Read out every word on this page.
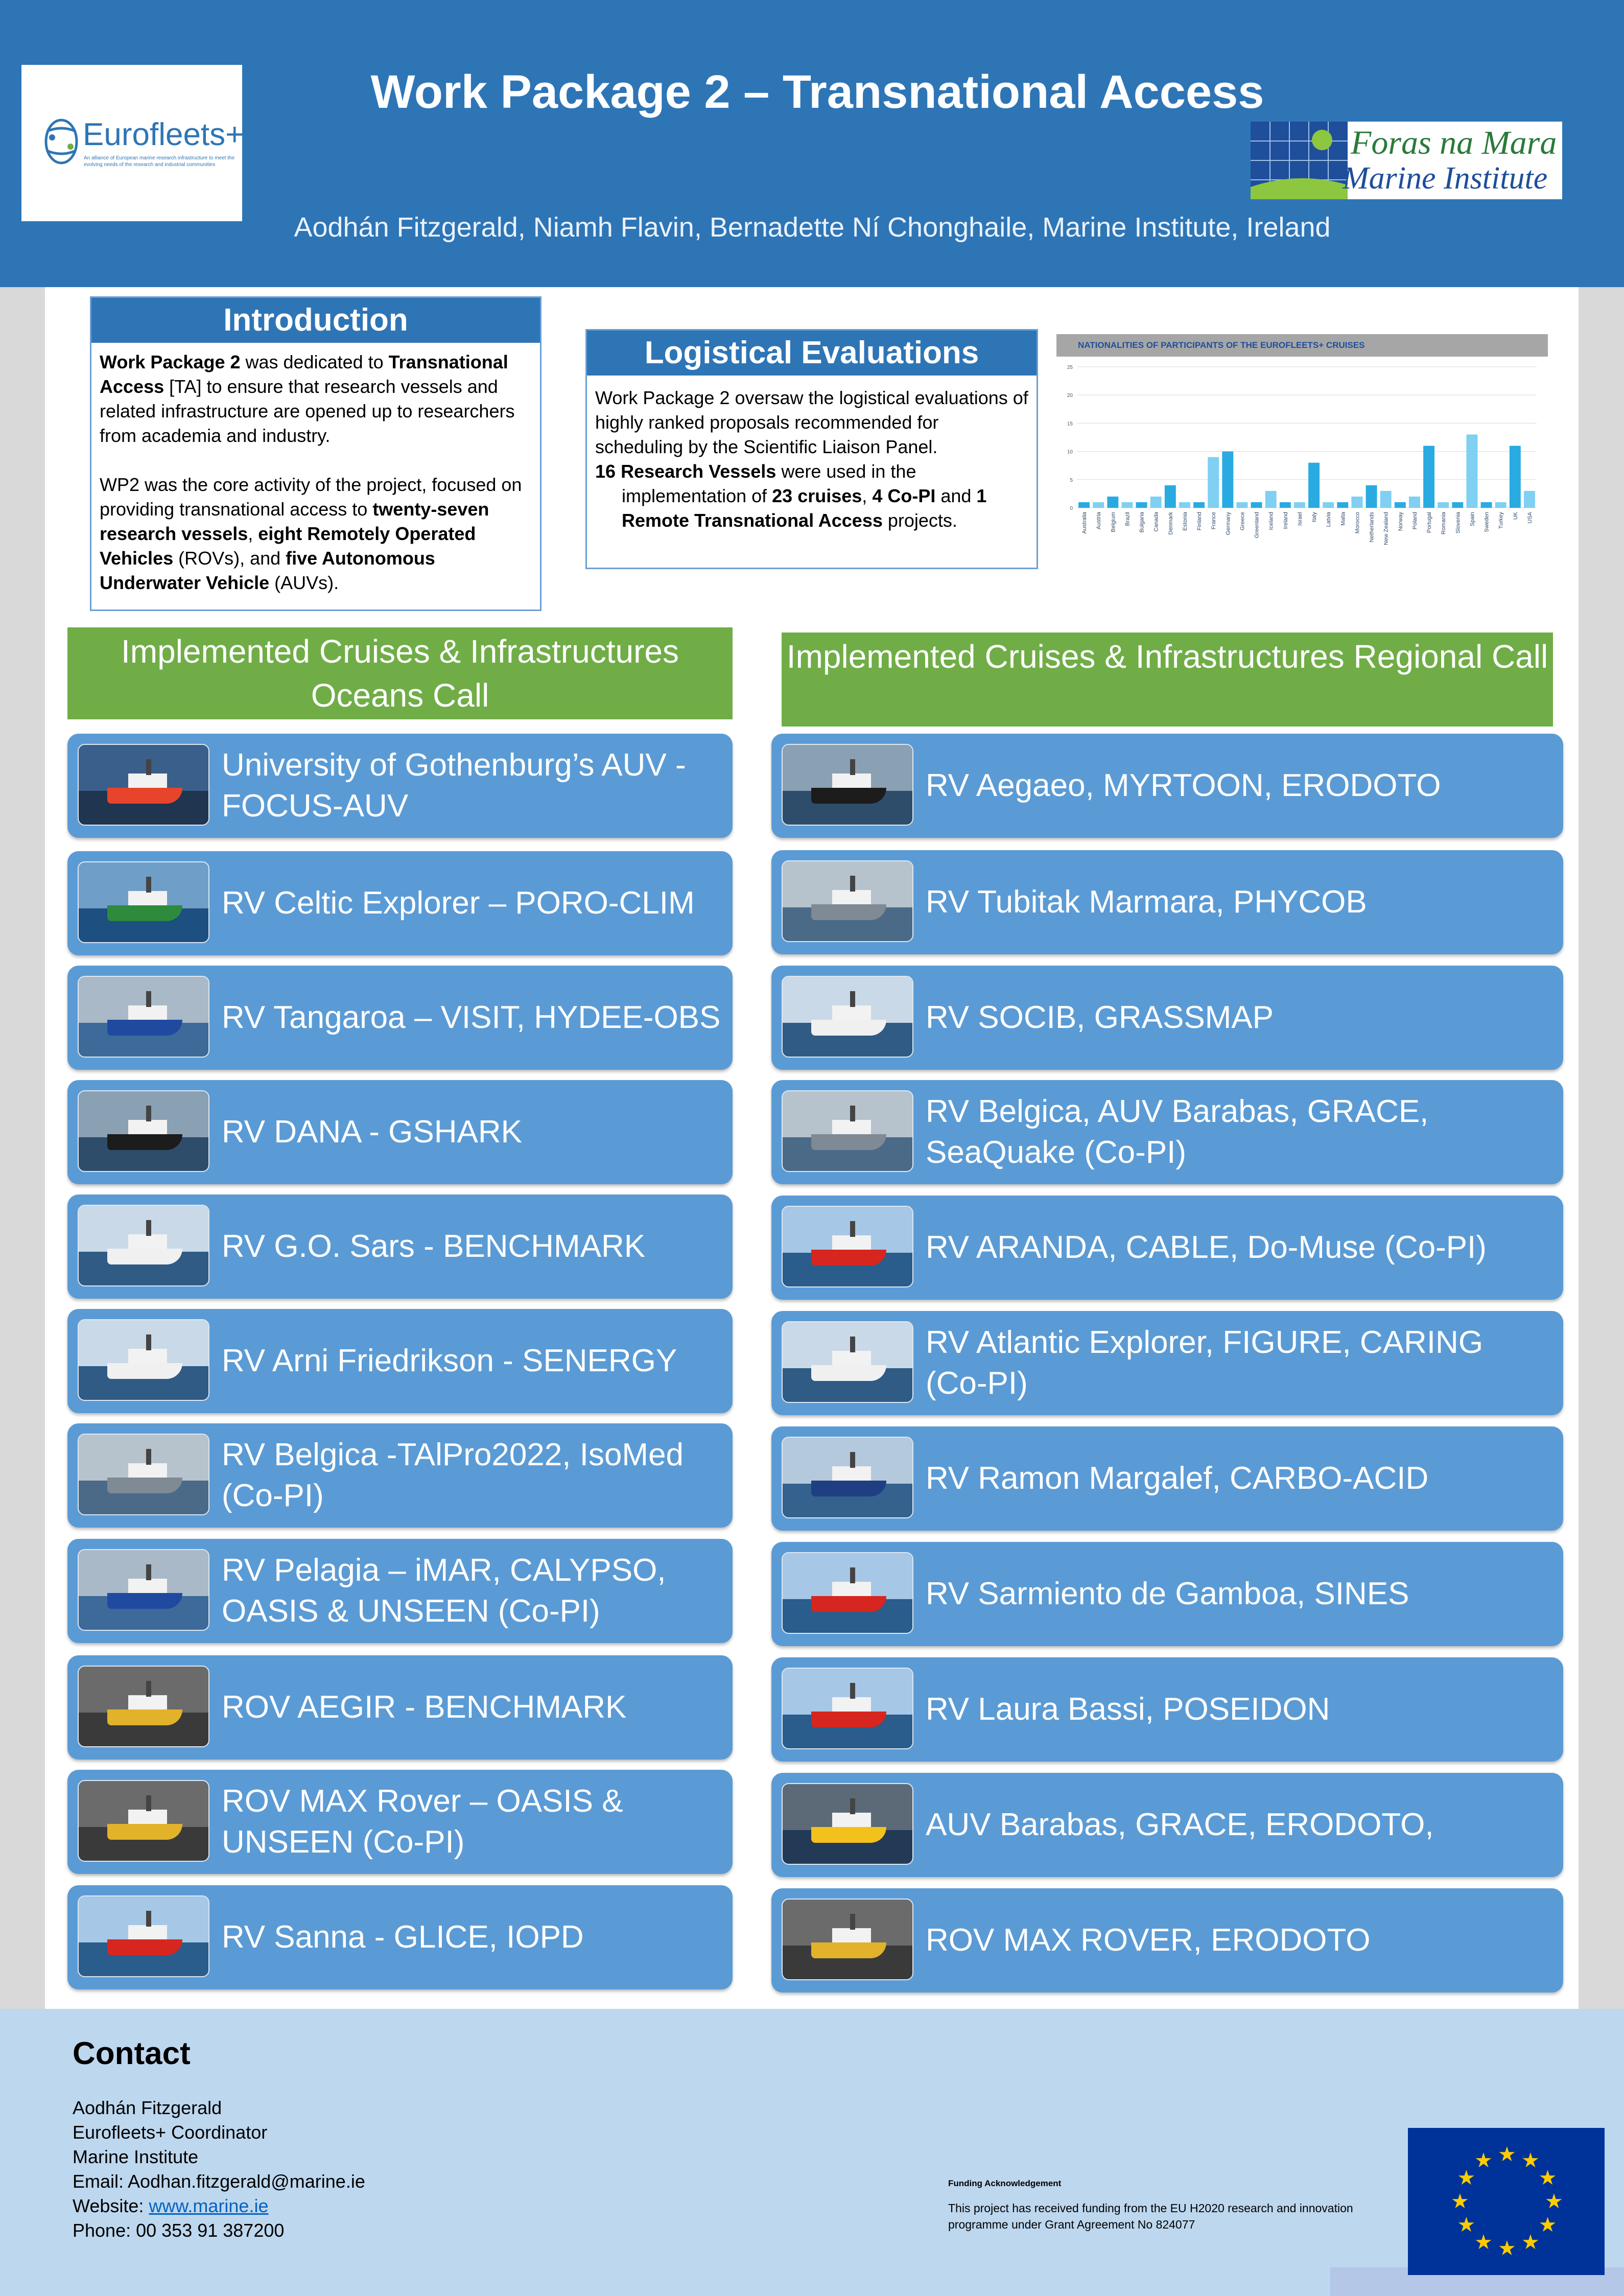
Eurofleets+
An alliance of European marine research infrastructure to meet the evolving needs of the research and industrial communities
Work Package 2 – Transnational Access
Aodhán Fitzgerald, Niamh Flavin, Bernadette Ní Chonghaile, Marine Institute, Ireland
Foras na Mara
Marine Institute
Introduction

Work Package 2 was dedicated to Transnational Access [TA] to ensure that research vessels and related infrastructure are opened up to researchers from academia and industry.

WP2 was the core activity of the project, focused on providing transnational access to twenty-seven research vessels, eight Remotely Operated Vehicles (ROVs), and five Autonomous Underwater Vehicle (AUVs).

Logistical Evaluations

Work Package 2 oversaw the logistical evaluations of highly ranked proposals recommended for scheduling by the Scientific Liaison Panel.

16 Research Vessels were used in the implementation of 23 cruises, 4 Co-PI and 1 Remote Transnational Access projects.

NATIONALITIES OF PARTICIPANTS OF THE EUROFLEETS+ CRUISES
0
5
10
15
20
25
Australia Austria Belgium Brazil Bulgaria Canada Denmark Estonia Finland France Germany Greece Greenland Iceland Ireland Israel Italy Latvia Malta Morocco Netherlands New Zealand Norway Poland Portugal Romania Slovenia Spain Sweden Turkey UK USA
Implemented Cruises & Infrastructures Oceans Call
University of Gothenburg’s AUV - FOCUS-AUV
RV Celtic Explorer – PORO-CLIM
RV Tangaroa – VISIT, HYDEE-OBS
RV DANA - GSHARK
RV G.O. Sars - BENCHMARK
RV Arni Friedrikson - SENERGY
RV Belgica -TAlPro2022, IsoMed (Co-PI)
RV Pelagia – iMAR, CALYPSO, OASIS & UNSEEN (Co-PI)
ROV AEGIR - BENCHMARK
ROV MAX Rover – OASIS & UNSEEN (Co-PI)
RV Sanna - GLICE, IOPD
Implemented Cruises & Infrastructures Regional Call
RV Aegaeo, MYRTOON, ERODOTO
RV Tubitak Marmara, PHYCOB
RV SOCIB, GRASSMAP
RV Belgica, AUV Barabas, GRACE, SeaQuake (Co-PI)
RV ARANDA, CABLE, Do-Muse (Co-PI)
RV Atlantic Explorer, FIGURE, CARING (Co-PI)
RV Ramon Margalef, CARBO-ACID
RV Sarmiento de Gamboa, SINES
RV Laura Bassi, POSEIDON
AUV Barabas, GRACE, ERODOTO,
ROV MAX ROVER, ERODOTO
Contact
Aodhán Fitzgerald
Eurofleets+ Coordinator
Marine Institute
Email: Aodhan.fitzgerald@marine.ie
Website: www.marine.ie
Phone: 00 353 91 387200
Funding Acknowledgement
This project has received funding from the EU H2020 research and innovation programme under Grant Agreement No 824077
★ ★
★
★
★
★
★
★
★
★
★
★
